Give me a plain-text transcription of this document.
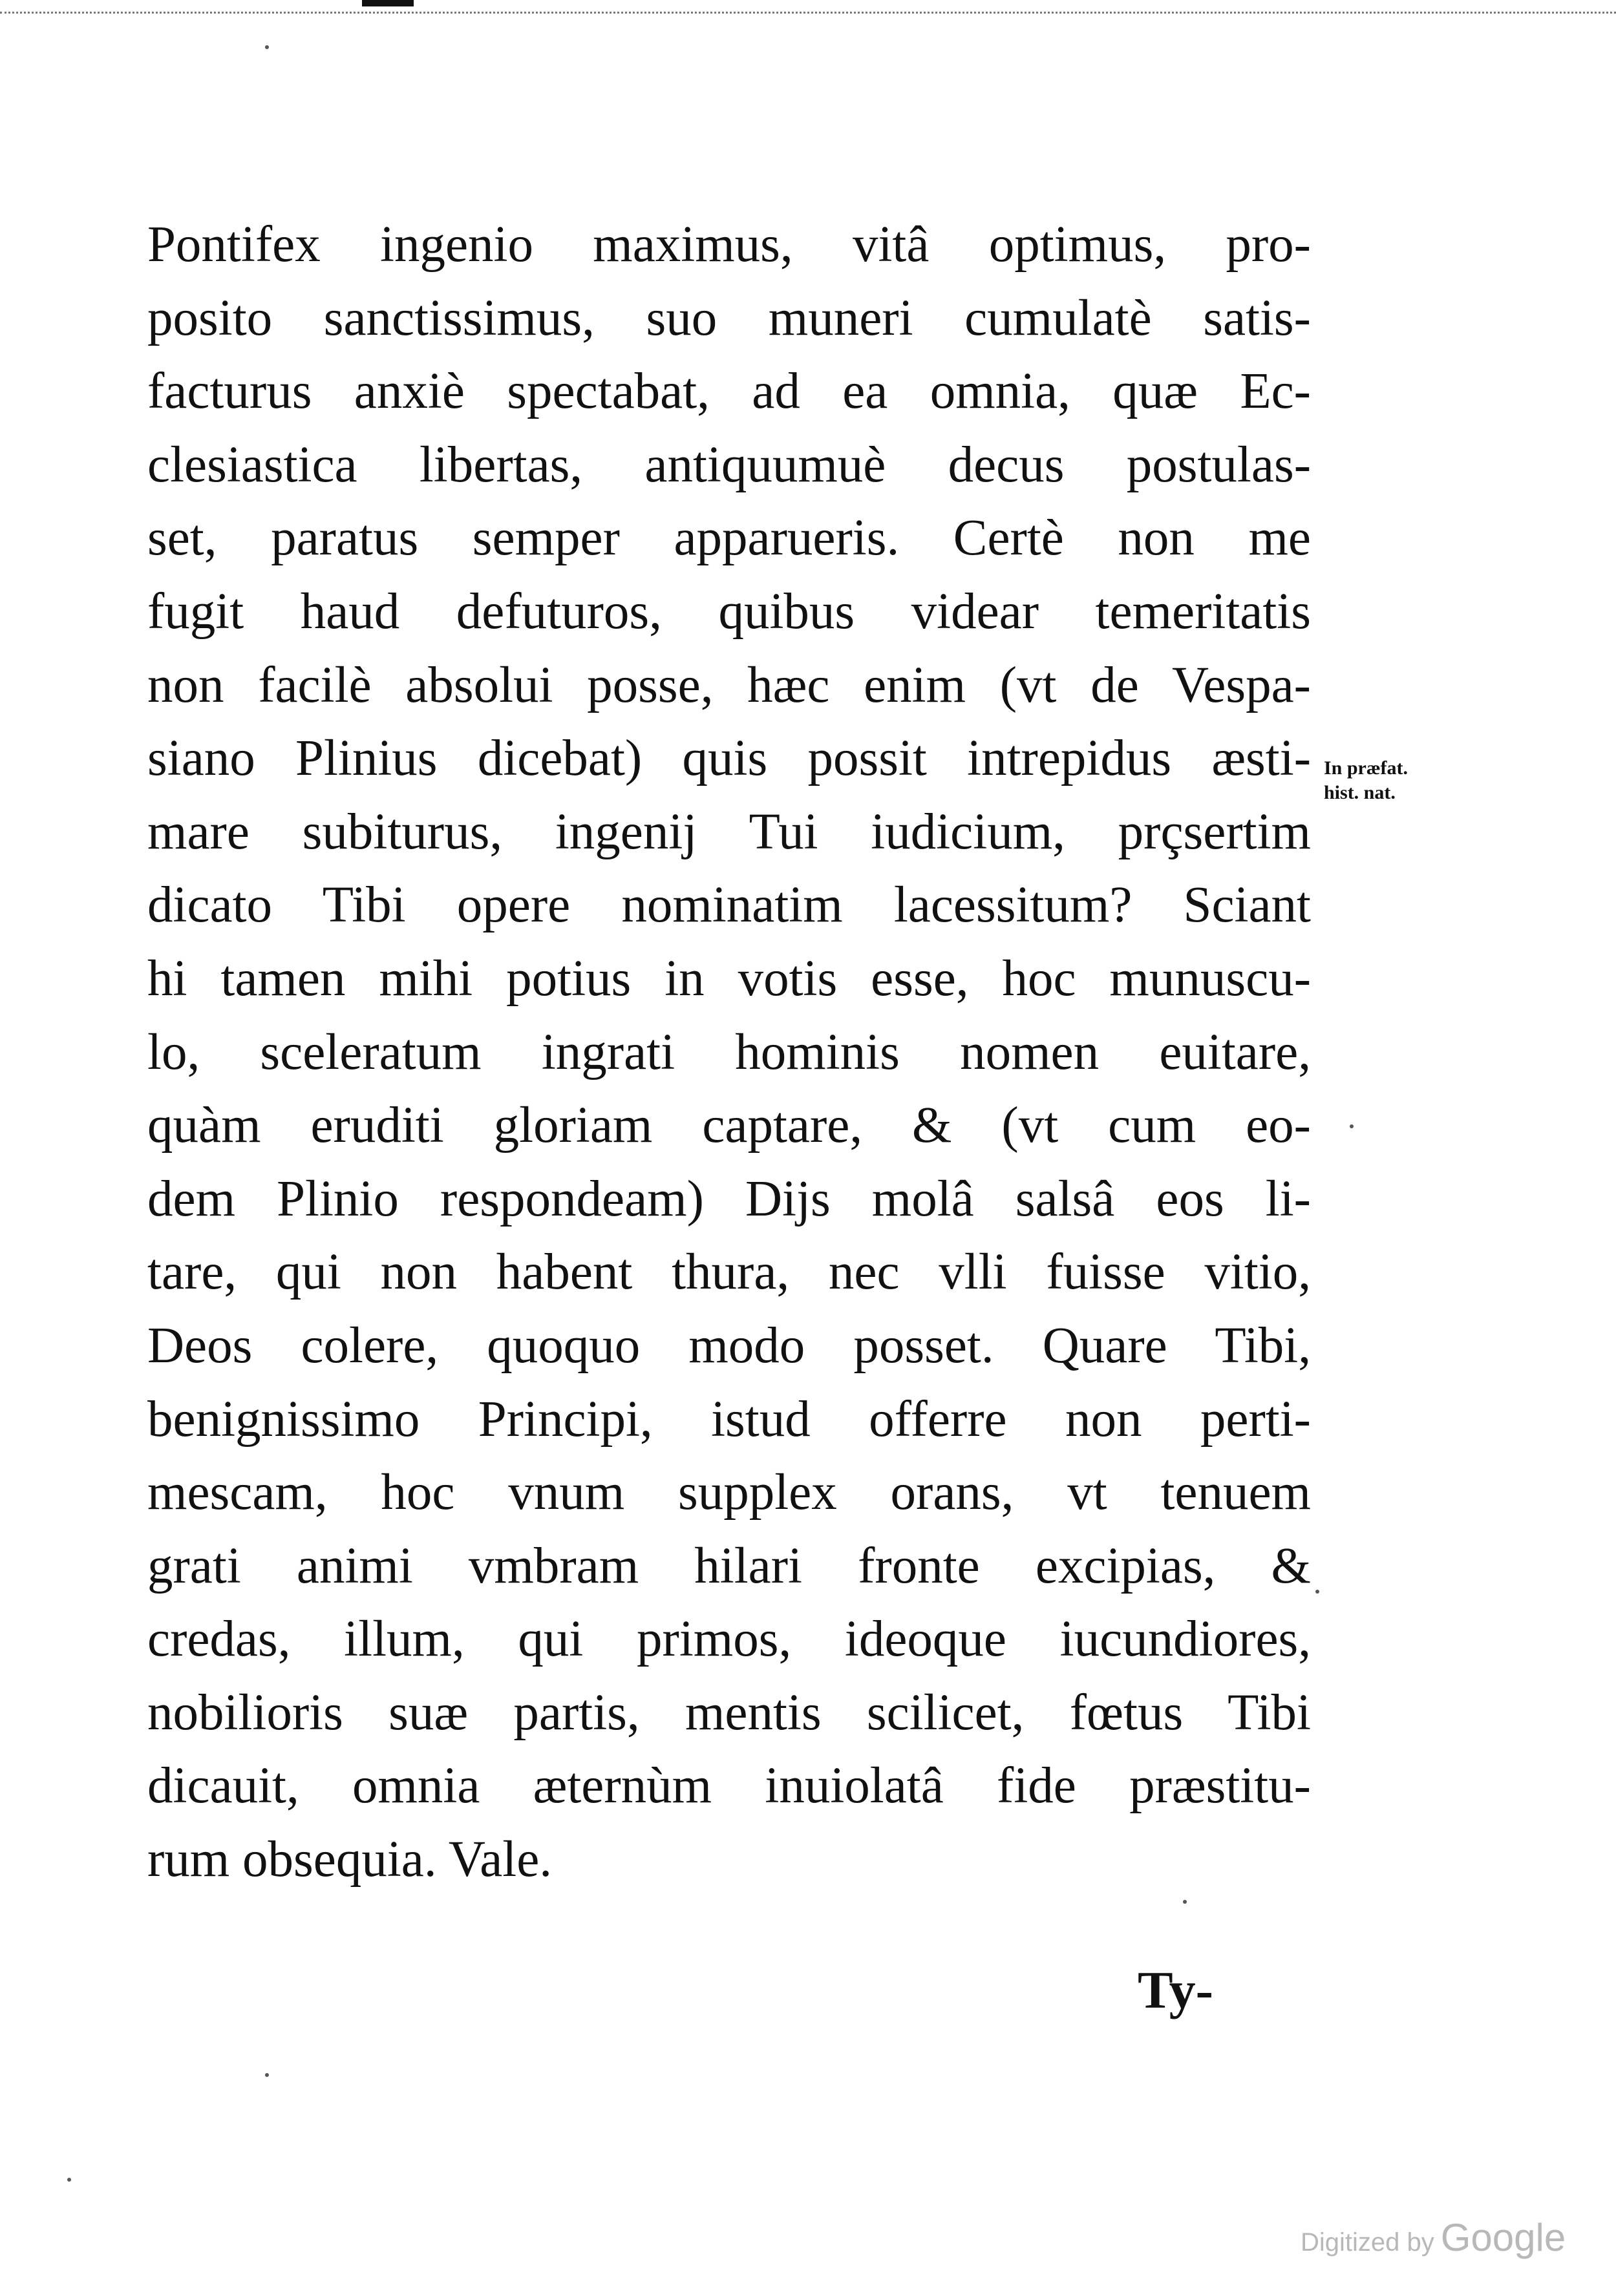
Pontifex ingenio maximus, vitâ optimus, pro-
posito sanctissimus, suo muneri cumulatè satis-
facturus anxiè spectabat, ad ea omnia, quæ Ec-
clesiastica libertas, antiquumuè decus postulas-
set, paratus semper apparueris. Certè non me
fugit haud defuturos, quibus videar temeritatis
non facilè absolui posse, hæc enim (vt de Vespa-
siano Plinius dicebat) quis possit intrepidus æsti-
mare subiturus, ingenij Tui iudicium, prçsertim
dicato Tibi opere nominatim lacessitum? Sciant
hi tamen mihi potius in votis esse, hoc munuscu-
lo, sceleratum ingrati hominis nomen euitare,
quàm eruditi gloriam captare, & (vt cum eo-
dem Plinio respondeam) Dijs molâ salsâ eos li-
tare, qui non habent thura, nec vlli fuisse vitio,
Deos colere, quoquo modo posset. Quare Tibi,
benignissimo Principi, istud offerre non perti-
mescam, hoc vnum supplex orans, vt tenuem
grati animi vmbram hilari fronte excipias, &
credas, illum, qui primos, ideoque iucundiores,
nobilioris suæ partis, mentis scilicet, fœtus Tibi
dicauit, omnia æternùm inuiolatâ fide præstitu-
rum obsequia. Vale.
In præfat.
hist. nat.
Ty-
Digitized by Google
